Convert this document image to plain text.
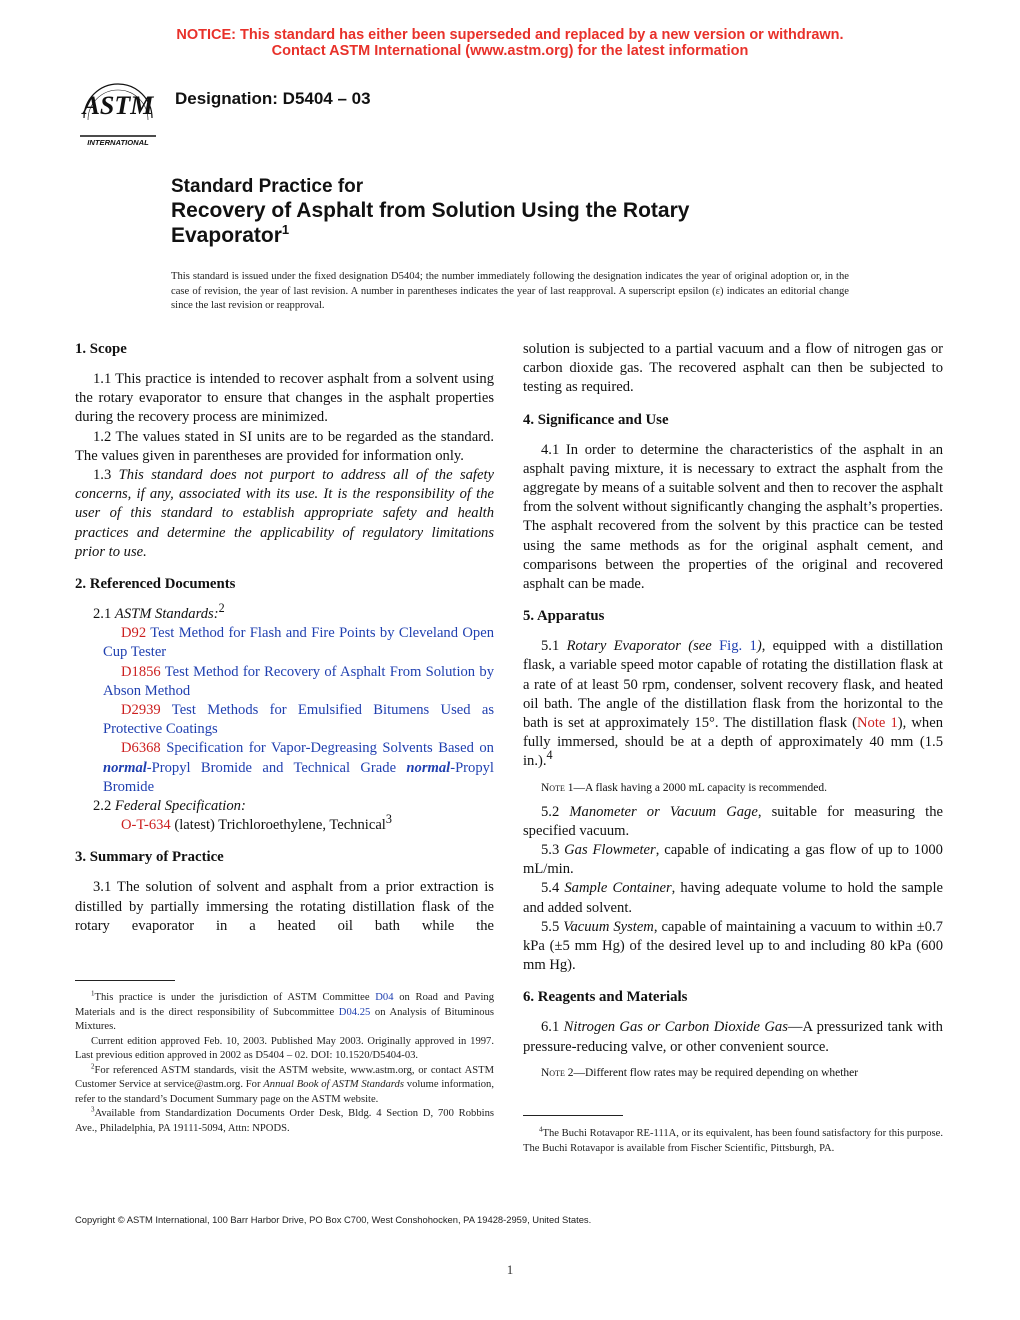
NOTICE: This standard has either been superseded and replaced by a new version or withdrawn.
Contact ASTM International (www.astm.org) for the latest information
ASTM
INTERNATIONAL
Designation: D5404 – 03
Standard Practice for
Recovery of Asphalt from Solution Using the Rotary
Evaporator$^1$
This standard is issued under the fixed designation D5404; the number immediately following the designation indicates the year of original adoption or, in the case of revision, the year of last revision. A number in parentheses indicates the year of last reapproval. A superscript epsilon (ε) indicates an editorial change since the last revision or reapproval.
1. Scope

1.1 This practice is intended to recover asphalt from a solvent using the rotary evaporator to ensure that changes in the asphalt properties during the recovery process are minimized.

1.2 The values stated in SI units are to be regarded as the standard. The values given in parentheses are provided for information only.

1.3 This standard does not purport to address all of the safety concerns, if any, associated with its use. It is the responsibility of the user of this standard to establish appropriate safety and health practices and determine the applicability of regulatory limitations prior to use.

2. Referenced Documents

2.1 ASTM Standards:$^2$

D92 Test Method for Flash and Fire Points by Cleveland Open Cup Tester

D1856 Test Method for Recovery of Asphalt From Solution by Abson Method

D2939 Test Methods for Emulsified Bitumens Used as Protective Coatings

D6368 Specification for Vapor-Degreasing Solvents Based on normal-Propyl Bromide and Technical Grade normal-Propyl Bromide

2.2 Federal Specification:

O-T-634 (latest) Trichloroethylene, Technical$^3$

3. Summary of Practice

3.1 The solution of solvent and asphalt from a prior extraction is distilled by partially immersing the rotating distillation flask of the rotary evaporator in a heated oil bath while the

solution is subjected to a partial vacuum and a flow of nitrogen gas or carbon dioxide gas. The recovered asphalt can then be subjected to testing as required.

4. Significance and Use

4.1 In order to determine the characteristics of the asphalt in an asphalt paving mixture, it is necessary to extract the asphalt from the aggregate by means of a suitable solvent and then to recover the asphalt from the solvent without significantly changing the asphalt’s properties. The asphalt recovered from the solvent by this practice can be tested using the same methods as for the original asphalt cement, and comparisons between the properties of the original and recovered asphalt can be made.

5. Apparatus

5.1 Rotary Evaporator (see Fig. 1), equipped with a distillation flask, a variable speed motor capable of rotating the distillation flask at a rate of at least 50 rpm, condenser, solvent recovery flask, and heated oil bath. The angle of the distillation flask from the horizontal to the bath is set at approximately 15°. The distillation flask (Note 1), when fully immersed, should be at a depth of approximately 40 mm (1.5 in.).$^4$

Note 1—A flask having a 2000 mL capacity is recommended.

5.2 Manometer or Vacuum Gage, suitable for measuring the specified vacuum.

5.3 Gas Flowmeter, capable of indicating a gas flow of up to 1000 mL/min.

5.4 Sample Container, having adequate volume to hold the sample and added solvent.

5.5 Vacuum System, capable of maintaining a vacuum to within ±0.7 kPa (±5 mm Hg) of the desired level up to and including 80 kPa (600 mm Hg).

6. Reagents and Materials

6.1 Nitrogen Gas or Carbon Dioxide Gas—A pressurized tank with pressure-reducing valve, or other convenient source.

Note 2—Different flow rates may be required depending on whether

$^1$This practice is under the jurisdiction of ASTM Committee D04 on Road and Paving Materials and is the direct responsibility of Subcommittee D04.25 on Analysis of Bituminous Mixtures.

Current edition approved Feb. 10, 2003. Published May 2003. Originally approved in 1997. Last previous edition approved in 2002 as D5404 – 02. DOI: 10.1520/D5404-03.

$^2$For referenced ASTM standards, visit the ASTM website, www.astm.org, or contact ASTM Customer Service at service@astm.org. For Annual Book of ASTM Standards volume information, refer to the standard’s Document Summary page on the ASTM website.

$^3$Available from Standardization Documents Order Desk, Bldg. 4 Section D, 700 Robbins Ave., Philadelphia, PA 19111-5094, Attn: NPODS.	$^4$The Buchi Rotavapor RE-111A, or its equivalent, has been found satisfactory for this purpose. The Buchi Rotavapor is available from Fischer Scientific, Pittsburgh, PA.

Copyright © ASTM International, 100 Barr Harbor Drive, PO Box C700, West Conshohocken, PA 19428-2959, United States.
1
